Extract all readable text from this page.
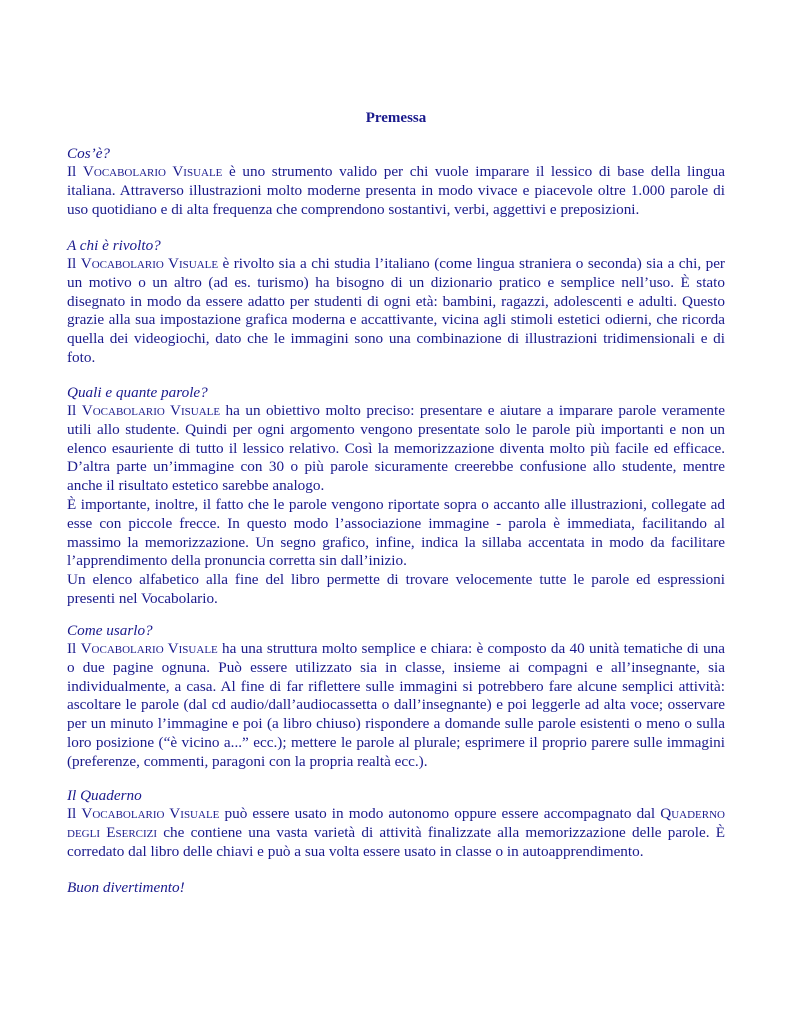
Premessa

Cos’è?

Il Vocabolario Visuale è uno strumento valido per chi vuole imparare il lessico di base della lingua italiana. Attraverso illustrazioni molto moderne presenta in modo vivace e piacevole oltre 1.000 parole di uso quotidiano e di alta frequenza che comprendono sostantivi, verbi, aggettivi e preposizioni.

A chi è rivolto?

Il Vocabolario Visuale è rivolto sia a chi studia l’italiano (come lingua straniera o seconda) sia a chi, per un motivo o un altro (ad es. turismo) ha bisogno di un dizionario pratico e semplice nell’uso. È stato disegnato in modo da essere adatto per studenti di ogni età: bambini, ragazzi, adolescenti e adulti. Questo grazie alla sua impostazione grafica moderna e accattivante, vicina agli stimoli estetici odierni, che ricorda quella dei videogiochi, dato che le immagini sono una combinazione di illustrazioni tridimensionali e di foto.

Quali e quante parole?

Il Vocabolario Visuale ha un obiettivo molto preciso: presentare e aiutare a imparare parole veramente utili allo studente. Quindi per ogni argomento vengono presentate solo le parole più importanti e non un elenco esauriente di tutto il lessico relativo. Così la memorizzazione diventa molto più facile ed efficace. D’altra parte un’immagine con 30 o più parole sicuramente creerebbe confusione allo studente, mentre anche il risultato estetico sarebbe analogo.

È importante, inoltre, il fatto che le parole vengono riportate sopra o accanto alle illustrazioni, collegate ad esse con piccole frecce. In questo modo l’associazione immagine - parola è immediata, facilitando al massimo la memorizzazione. Un segno grafico, infine, indica la sillaba accentata in modo da facilitare l’apprendimento della pronuncia corretta sin dall’inizio.

Un elenco alfabetico alla fine del libro permette di trovare velocemente tutte le parole ed espressioni presenti nel Vocabolario.

Come usarlo?

Il Vocabolario Visuale ha una struttura molto semplice e chiara: è composto da 40 unità tematiche di una o due pagine ognuna. Può essere utilizzato sia in classe, insieme ai compagni e all’insegnante, sia individualmente, a casa. Al fine di far riflettere sulle immagini si potrebbero fare alcune semplici attività: ascoltare le parole (dal cd audio/dall’audiocassetta o dall’insegnante) e poi leggerle ad alta voce; osservare per un minuto l’immagine e poi (a libro chiuso) rispondere a domande sulle parole esistenti o meno o sulla loro posizione (“è vicino a...” ecc.); mettere le parole al plurale; esprimere il proprio parere sulle immagini (preferenze, commenti, paragoni con la propria realtà ecc.).

Il Quaderno

Il Vocabolario Visuale può essere usato in modo autonomo oppure essere accompagnato dal Quaderno degli Esercizi che contiene una vasta varietà di attività finalizzate alla memorizzazione delle parole. È corredato dal libro delle chiavi e può a sua volta essere usato in classe o in autoapprendimento.

Buon divertimento!
